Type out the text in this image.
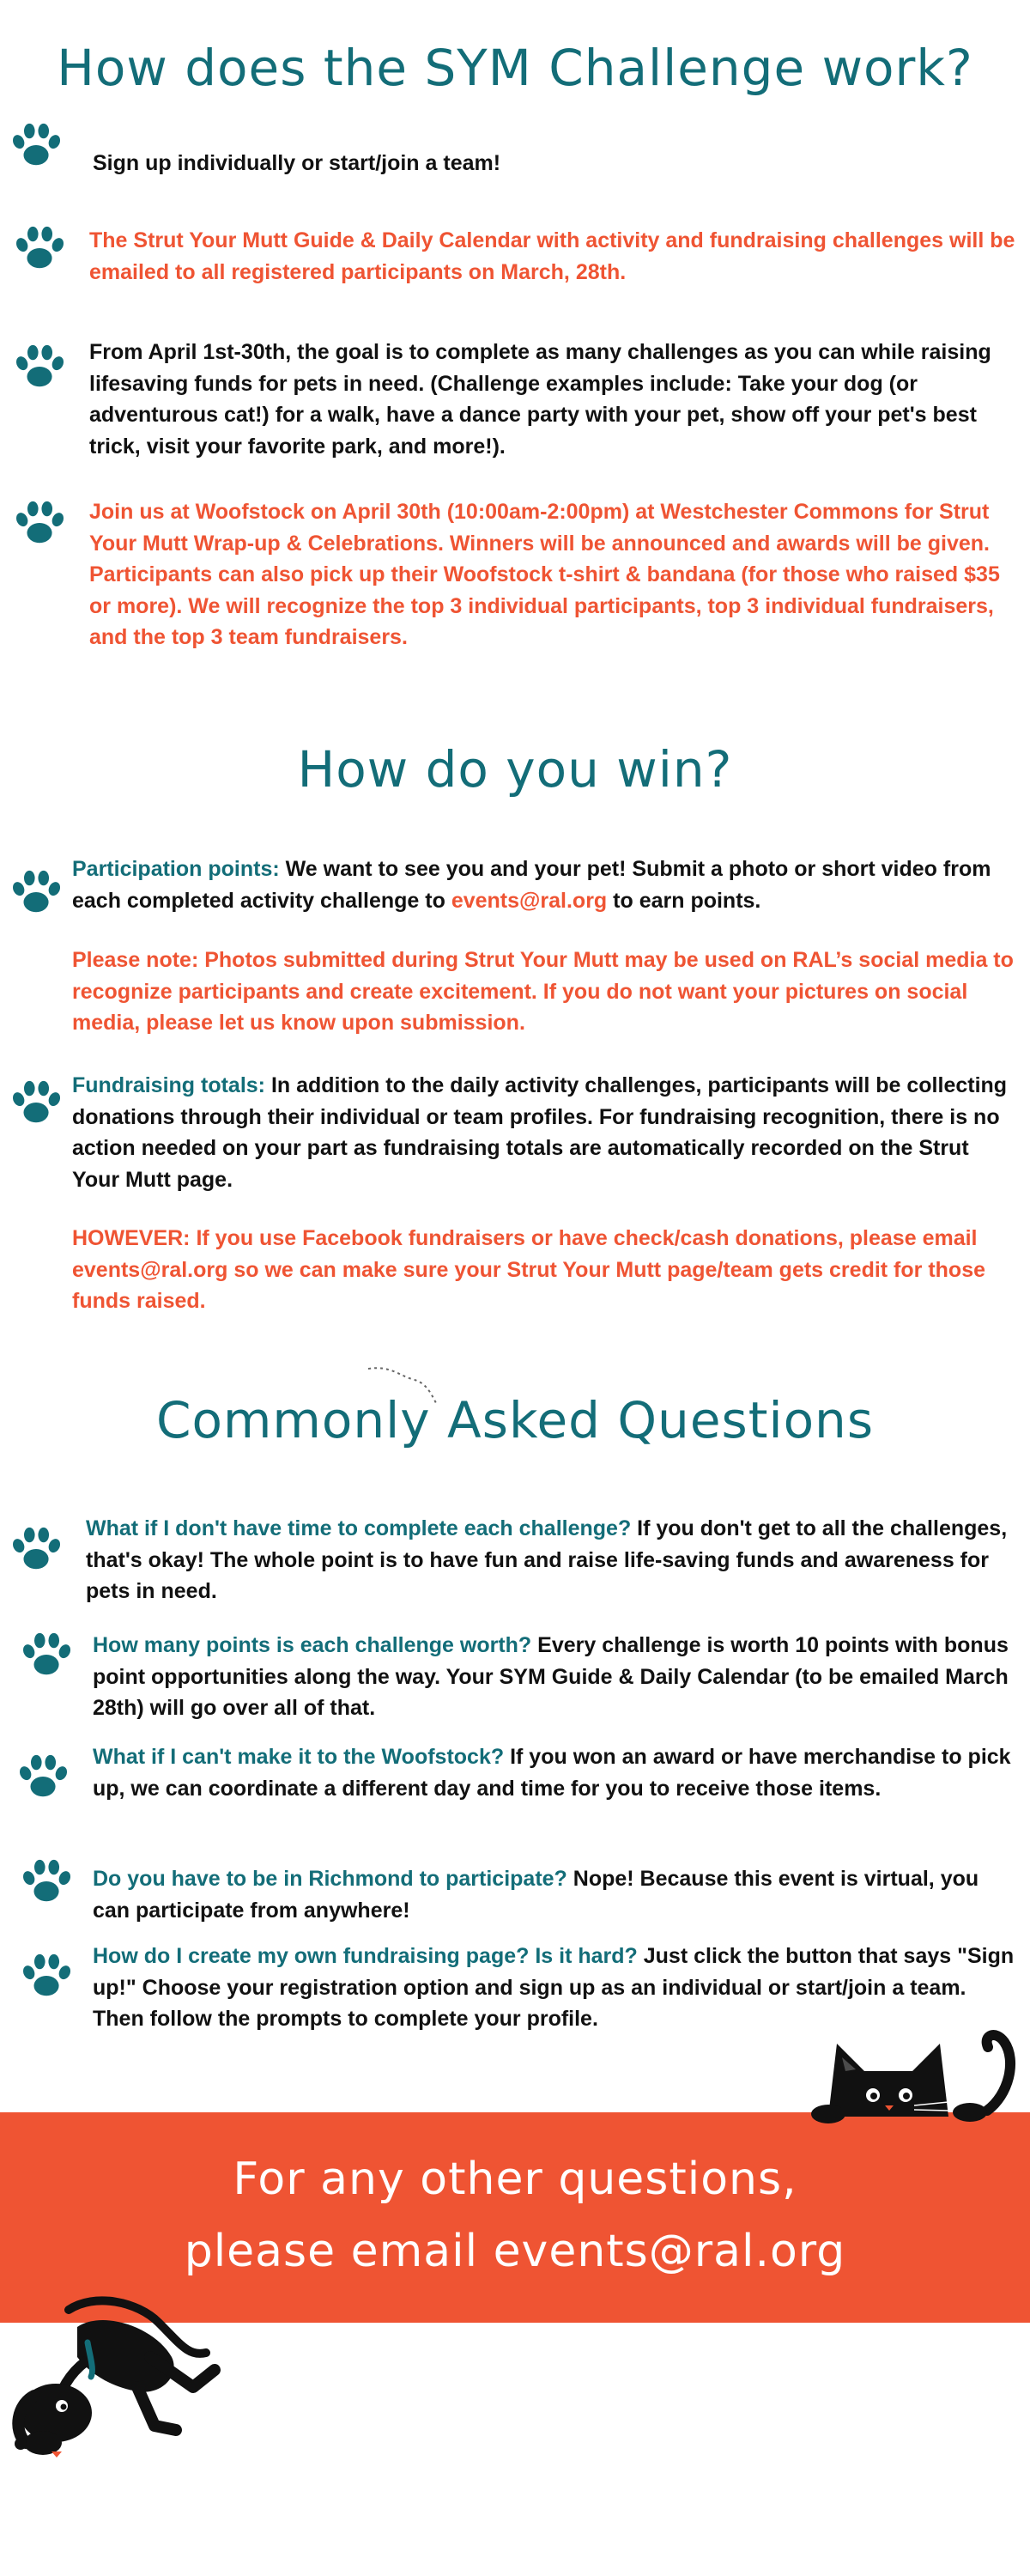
How does the SYM Challenge work?

Sign up individually or start/join a team!

The Strut Your Mutt Guide & Daily Calendar with activity and fundraising challenges will be emailed to all registered participants on March, 28th.

From April 1st-30th, the goal is to complete as many challenges as you can while raising lifesaving funds for pets in need. (Challenge examples include: Take your dog (or adventurous cat!) for a walk, have a dance party with your pet, show off your pet's best trick, visit your favorite park, and more!).

Join us at Woofstock on April 30th (10:00am-2:00pm) at Westchester Commons for Strut Your Mutt Wrap-up & Celebrations. Winners will be announced and awards will be given. Participants can also pick up their Woofstock t-shirt & bandana (for those who raised $35 or more). We will recognize the top 3 individual participants, top 3 individual fundraisers, and the top 3 team fundraisers.

How do you win?

Participation points: We want to see you and your pet! Submit a photo or short video from each completed activity challenge to events@ral.org to earn points.

Please note: Photos submitted during Strut Your Mutt may be used on RAL’s social media to recognize participants and create excitement. If you do not want your pictures on social media, please let us know upon submission.

Fundraising totals: In addition to the daily activity challenges, participants will be collecting donations through their individual or team profiles. For fundraising recognition, there is no action needed on your part as fundraising totals are automatically recorded on the Strut Your Mutt page.

HOWEVER: If you use Facebook fundraisers or have check/cash donations, please email events@ral.org so we can make sure your Strut Your Mutt page/team gets credit for those funds raised.

Commonly Asked Questions

What if I don't have time to complete each challenge? If you don't get to all the challenges, that's okay! The whole point is to have fun and raise life-saving funds and awareness for pets in need.

How many points is each challenge worth? Every challenge is worth 10 points with bonus point opportunities along the way. Your SYM Guide & Daily Calendar (to be emailed March 28th) will go over all of that.

What if I can't make it to the Woofstock? If you won an award or have merchandise to pick up, we can coordinate a different day and time for you to receive those items.

Do you have to be in Richmond to participate? Nope! Because this event is virtual, you can participate from anywhere!

How do I create my own fundraising page? Is it hard? Just click the button that says "Sign up!" Choose your registration option and sign up as an individual or start/join a team. Then follow the prompts to complete your profile.

For any other questions,

please email events@ral.org
